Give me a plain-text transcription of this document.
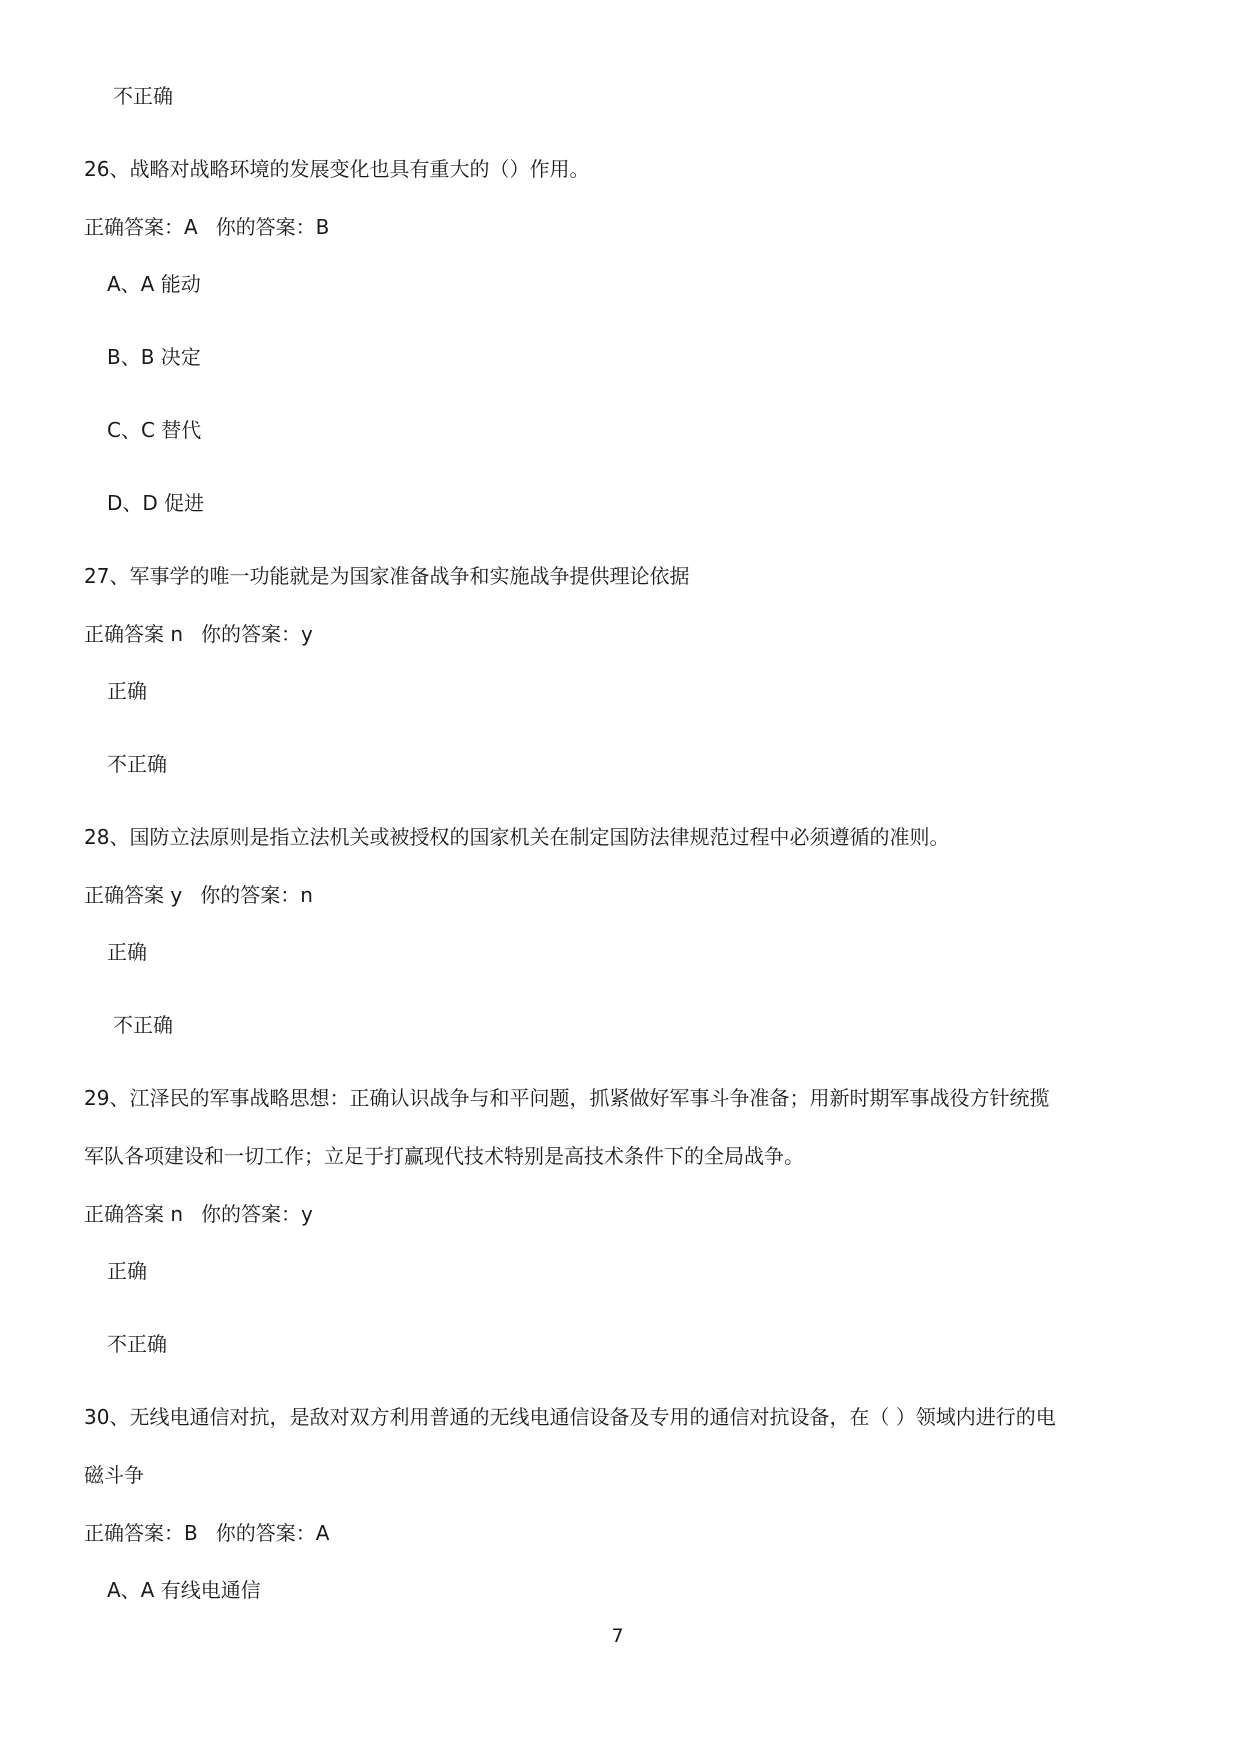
不正确
26、战略对战略环境的发展变化也具有重大的（）作用。
正确答案：A 你的答案：B
A、A 能动
B、B 决定
C、C 替代
D、D 促进
27、军事学的唯一功能就是为国家准备战争和实施战争提供理论依据
正确答案 n 你的答案：y
正确
不正确
28、国防立法原则是指立法机关或被授权的国家机关在制定国防法律规范过程中必须遵循的准则。
正确答案 y 你的答案：n
正确
不正确
29、江泽民的军事战略思想：正确认识战争与和平问题，抓紧做好军事斗争准备；用新时期军事战役方针统揽
军队各项建设和一切工作；立足于打赢现代技术特别是高技术条件下的全局战争。
正确答案 n 你的答案：y
正确
不正确
30、无线电通信对抗，是敌对双方利用普通的无线电通信设备及专用的通信对抗设备，在（ ）领域内进行的电
磁斗争
正确答案：B 你的答案：A
A、A 有线电通信
7
